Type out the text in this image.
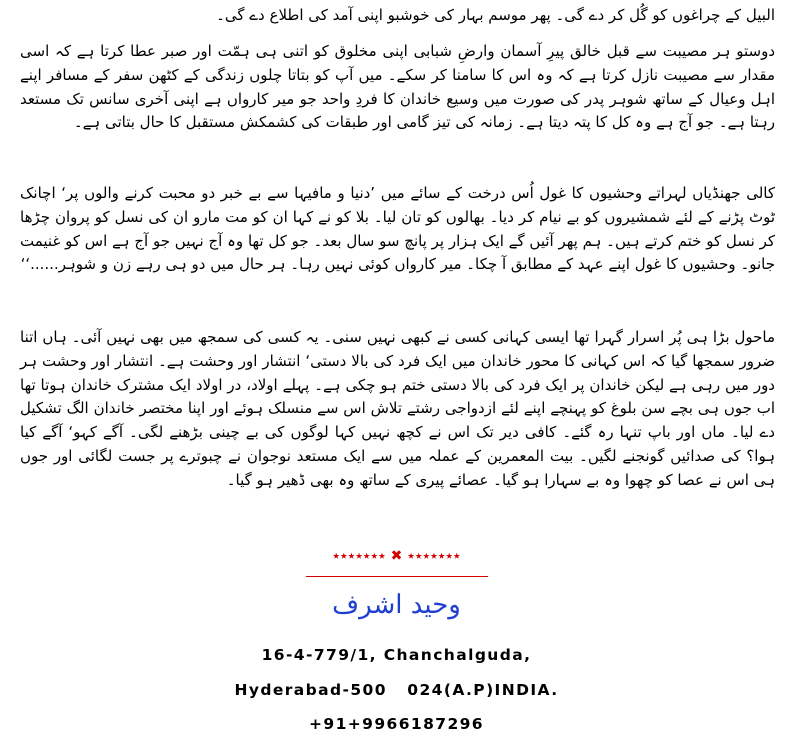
البیل کے چراغوں کو گُل کر دے گی۔ پھر موسم بہار کی خوشبو اپنی آمد کی اطلاع دے گی۔
دوستو ہر مصیبت سے قبل خالق پیرِ آسمان وارضِ شبابی اپنی مخلوق کو اتنی ہی ہمّت اور صبر عطا کرتا ہے کہ اسی مقدار سے مصیبت نازل کرتا ہے کہ وہ اس کا سامنا کر سکے۔ میں آپ کو بتاتا چلوں زندگی کے کٹھن سفر کے مسافر اپنے اہل وعیال کے ساتھ شوہر پدر کی صورت میں وسیع خاندان کا فردِ واحد جو میر کارواں ہے اپنی آخری سانس تک مستعد رہتا ہے۔ جو آج ہے وہ کل کا پتہ دیتا ہے۔ زمانہ کی تیز گامی اور طبقات کی کشمکش مستقبل کا حال بتاتی ہے۔
کالی جھنڈیاں لہراتے وحشیوں کا غول اُس درخت کے سائے میں ’دنیا و مافیہا سے بے خبر دو محبت کرنے والوں پر‘ اچانک ٹوٹ پڑنے کے لئے شمشیروں کو بے نیام کر دیا۔ بھالوں کو تان لیا۔ بلا کو نے کہا ان کو مت مارو ان کی نسل کو پروان چڑھا کر نسل کو ختم کرتے ہیں۔ ہم پھر آئیں گے ایک ہزار پر پانچ سو سال بعد۔ جو کل تھا وہ آج نہیں جو آج ہے اس کو غنیمت جانو۔ وحشیوں کا غول اپنے عہد کے مطابق آ چکا۔ میر کارواں کوئی نہیں رہا۔ ہر حال میں دو ہی رہے زن و شوہر......‘‘
ماحول بڑا ہی پُر اسرار گہرا تھا ایسی کہانی کسی نے کبھی نہیں سنی۔ یہ کسی کی سمجھ میں بھی نہیں آئی۔ ہاں اتنا ضرور سمجھا گیا کہ اس کہانی کا محور خاندان میں ایک فرد کی بالا دستی‘ انتشار اور وحشت ہے۔ انتشار اور وحشت ہر دور میں رہی ہے لیکن خاندان پر ایک فرد کی بالا دستی ختم ہو چکی ہے۔ پہلے اولاد، در اولاد ایک مشترک خاندان ہوتا تھا اب جوں ہی بچے سن بلوغ کو پہنچے اپنے لئے ازدواجی رشتے تلاش اس سے منسلک ہوئے اور اپنا مختصر خاندان الگ تشکیل دے لیا۔ ماں اور باپ تنہا رہ گئے۔ کافی دیر تک اس نے کچھ نہیں کہا لوگوں کی بے چینی بڑھنے لگی۔ آگے کہو‘ آگے کیا ہوا؟ کی صدائیں گونجنے لگیں۔ بیت المعمرین کے عملہ میں سے ایک مستعد نوجوان نے چبوترے پر جست لگائی اور جوں ہی اس نے عصا کو چھوا وہ بے سہارا ہو گیا۔ عصائے پیری کے ساتھ وہ بھی ڈھیر ہو گیا۔
٭٭٭٭٭٭٭ ✖ ٭٭٭٭٭٭٭
وحید اشرف
16-4-779/1, Chanchalguda,
Hyderabad-500   024(A.P)INDIA.
+91+9966187296
